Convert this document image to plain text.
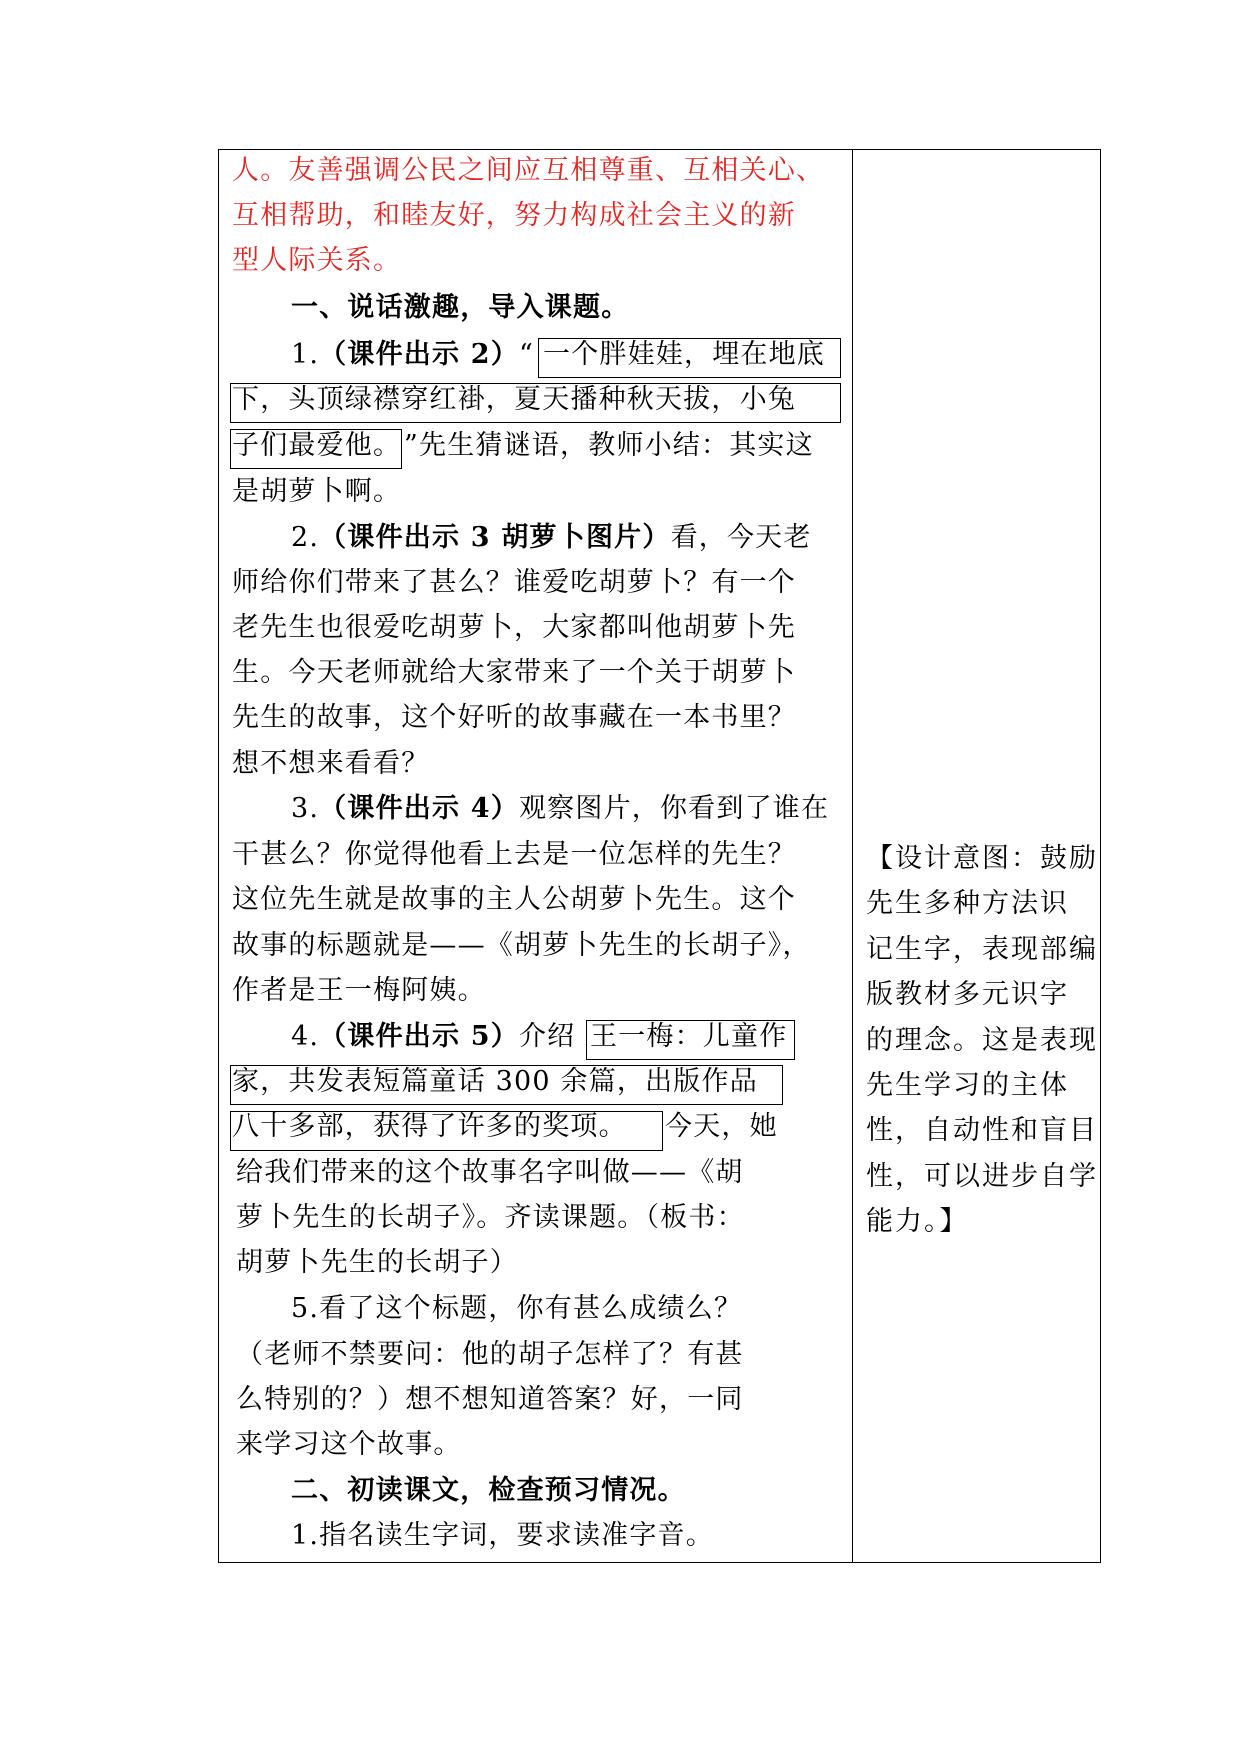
人。友善强调公民之间应互相尊重、互相关心、
互相帮助，和睦友好，努力构成社会主义的新
型人际关系。
一、说话激趣，导入课题。
1.（课件出示 2）“ 一个胖娃娃，埋在地底
下，头顶绿襟穿红褂，夏天播种秋天拔，小兔
子们最爱他。 ”先生猜谜语，教师小结：其实这
是胡萝卜啊。
2.（课件出示 3 胡萝卜图片）看，今天老
师给你们带来了甚么？谁爱吃胡萝卜？有一个
老先生也很爱吃胡萝卜，大家都叫他胡萝卜先
生。今天老师就给大家带来了一个关于胡萝卜
先生的故事，这个好听的故事藏在一本书里？
想不想来看看？
3.（课件出示 4）观察图片，你看到了谁在
干甚么？你觉得他看上去是一位怎样的先生？
这位先生就是故事的主人公胡萝卜先生。这个
故事的标题就是——《胡萝卜先生的长胡子》，
作者是王一梅阿姨。
4.（课件出示 5）介绍 王一梅：儿童作
家，共发表短篇童话 300 余篇，出版作品
八十多部，获得了许多的奖项。 今天，她
给我们带来的这个故事名字叫做——《胡
萝卜先生的长胡子》。齐读课题。（板书：
胡萝卜先生的长胡子）
5.看了这个标题，你有甚么成绩么？
（老师不禁要问：他的胡子怎样了？有甚
么特别的？）想不想知道答案？好，一同
来学习这个故事。
二、初读课文，检查预习情况。
1.指名读生字词，要求读准字音。
【设计意图：鼓励
先生多种方法识
记生字，表现部编
版教材多元识字
的理念。这是表现
先生学习的主体
性，自动性和盲目
性，可以进步自学
能力。】
